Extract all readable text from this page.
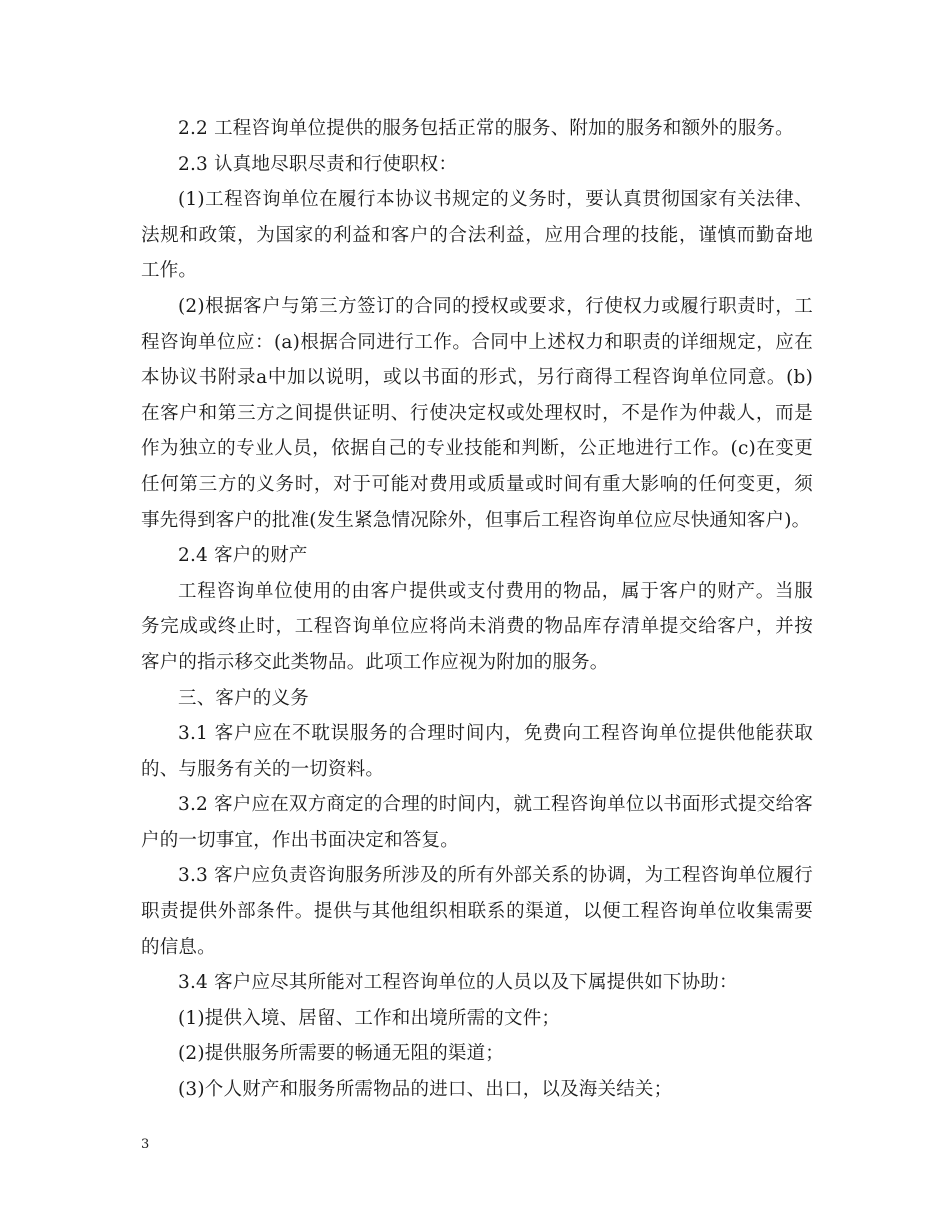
2.2 工程咨询单位提供的服务包括正常的服务、附加的服务和额外的服务。

2.3 认真地尽职尽责和行使职权：

(1)工程咨询单位在履行本协议书规定的义务时，要认真贯彻国家有关法律、法规和政策，为国家的利益和客户的合法利益，应用合理的技能，谨慎而勤奋地工作。

(2)根据客户与第三方签订的合同的授权或要求，行使权力或履行职责时，工程咨询单位应：(a)根据合同进行工作。合同中上述权力和职责的详细规定，应在本协议书附录a中加以说明，或以书面的形式，另行商得工程咨询单位同意。(b)在客户和第三方之间提供证明、行使决定权或处理权时，不是作为仲裁人，而是作为独立的专业人员，依据自己的专业技能和判断，公正地进行工作。(c)在变更任何第三方的义务时，对于可能对费用或质量或时间有重大影响的任何变更，须事先得到客户的批准(发生紧急情况除外，但事后工程咨询单位应尽快通知客户)。

2.4 客户的财产

工程咨询单位使用的由客户提供或支付费用的物品，属于客户的财产。当服务完成或终止时，工程咨询单位应将尚未消费的物品库存清单提交给客户，并按客户的指示移交此类物品。此项工作应视为附加的服务。

三、客户的义务

3.1 客户应在不耽误服务的合理时间内，免费向工程咨询单位提供他能获取的、与服务有关的一切资料。

3.2 客户应在双方商定的合理的时间内，就工程咨询单位以书面形式提交给客户的一切事宜，作出书面决定和答复。

3.3 客户应负责咨询服务所涉及的所有外部关系的协调，为工程咨询单位履行职责提供外部条件。提供与其他组织相联系的渠道，以便工程咨询单位收集需要的信息。

3.4 客户应尽其所能对工程咨询单位的人员以及下属提供如下协助：

(1)提供入境、居留、工作和出境所需的文件；

(2)提供服务所需要的畅通无阻的渠道；

(3)个人财产和服务所需物品的进口、出口，以及海关结关；

3
